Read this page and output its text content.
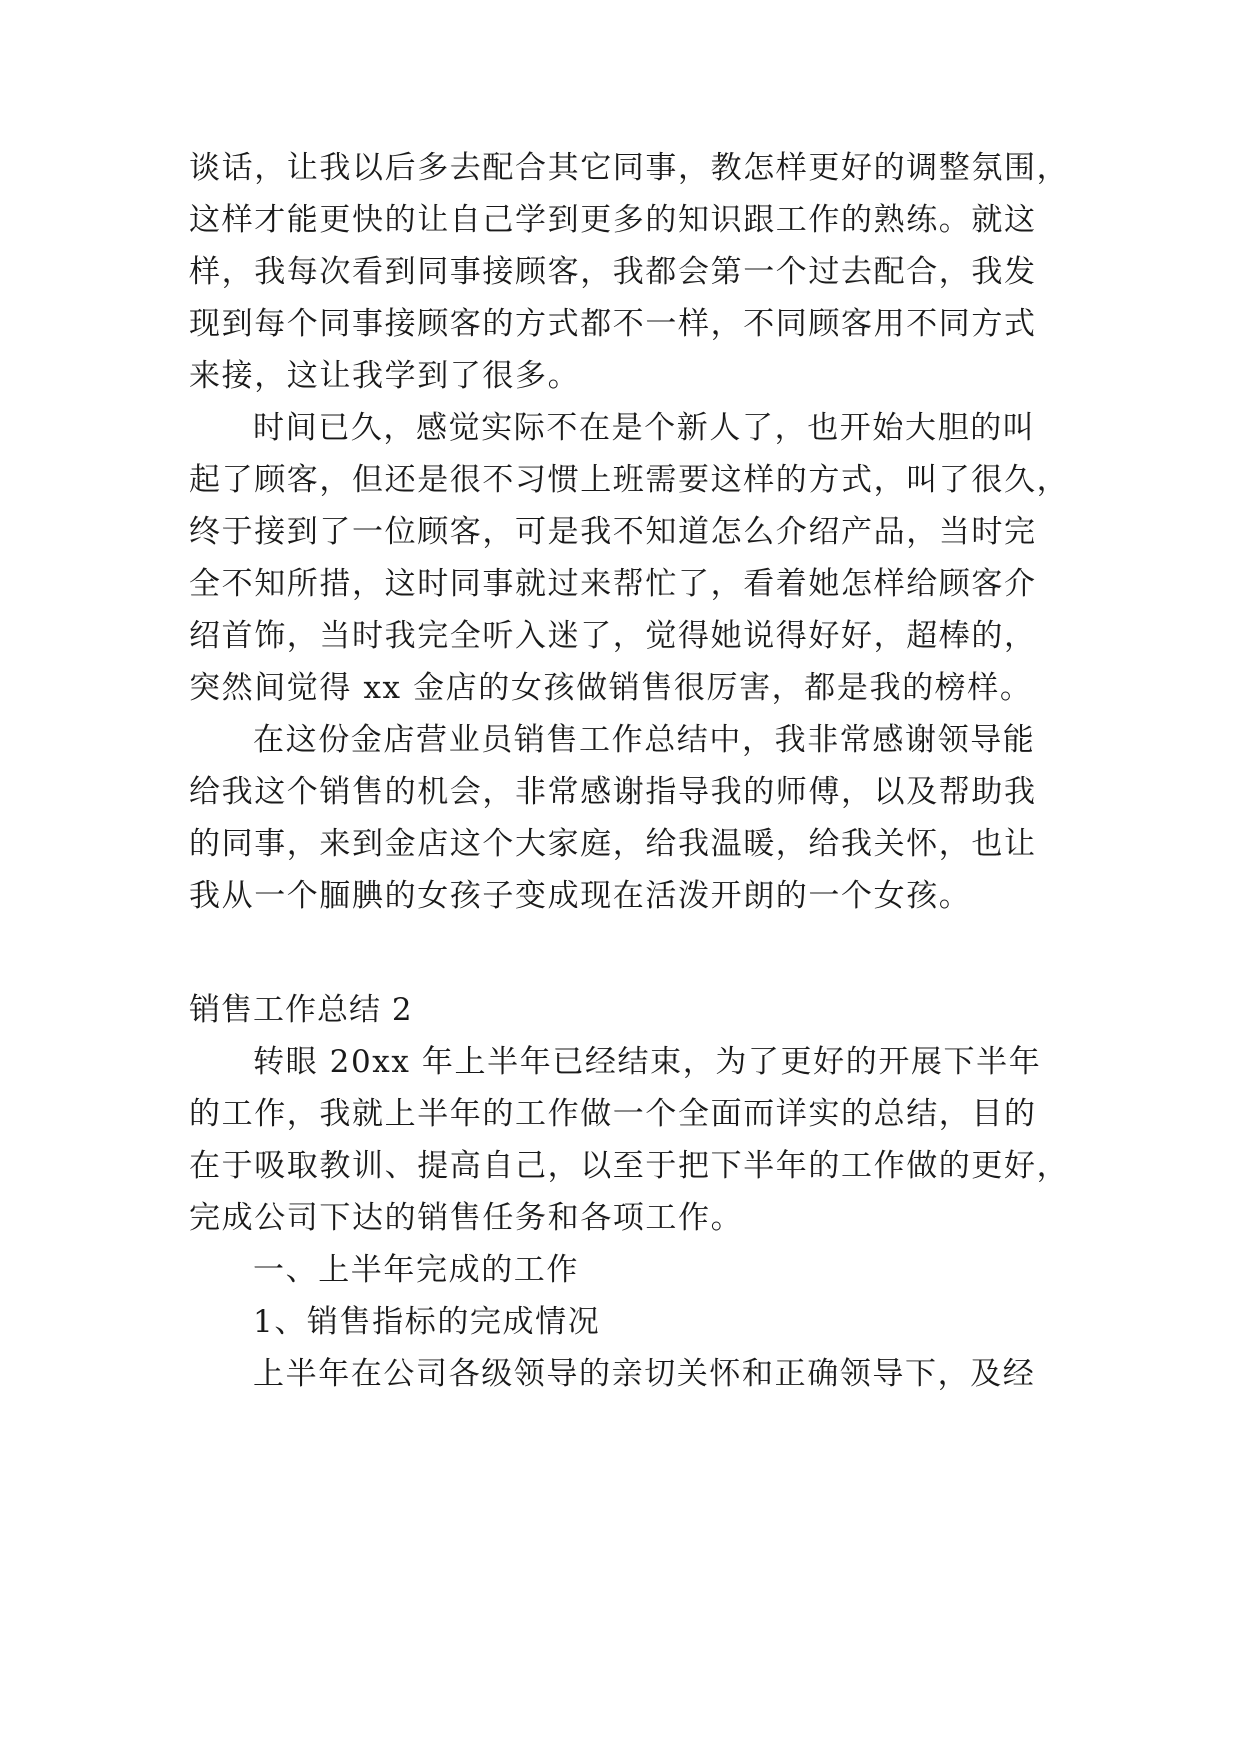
谈话，让我以后多去配合其它同事，教怎样更好的调整氛围，
这样才能更快的让自己学到更多的知识跟工作的熟练。就这
样，我每次看到同事接顾客，我都会第一个过去配合，我发
现到每个同事接顾客的方式都不一样，不同顾客用不同方式
来接，这让我学到了很多。
时间已久，感觉实际不在是个新人了，也开始大胆的叫
起了顾客，但还是很不习惯上班需要这样的方式，叫了很久，
终于接到了一位顾客，可是我不知道怎么介绍产品，当时完
全不知所措，这时同事就过来帮忙了，看着她怎样给顾客介
绍首饰，当时我完全听入迷了，觉得她说得好好，超棒的，
突然间觉得 xx 金店的女孩做销售很厉害，都是我的榜样。
在这份金店营业员销售工作总结中，我非常感谢领导能
给我这个销售的机会，非常感谢指导我的师傅，以及帮助我
的同事，来到金店这个大家庭，给我温暖，给我关怀，也让
我从一个腼腆的女孩子变成现在活泼开朗的一个女孩。
销售工作总结 2
转眼 20xx 年上半年已经结束，为了更好的开展下半年
的工作，我就上半年的工作做一个全面而详实的总结，目的
在于吸取教训、提高自己，以至于把下半年的工作做的更好，
完成公司下达的销售任务和各项工作。
一、上半年完成的工作
1、销售指标的完成情况
上半年在公司各级领导的亲切关怀和正确领导下，及经
